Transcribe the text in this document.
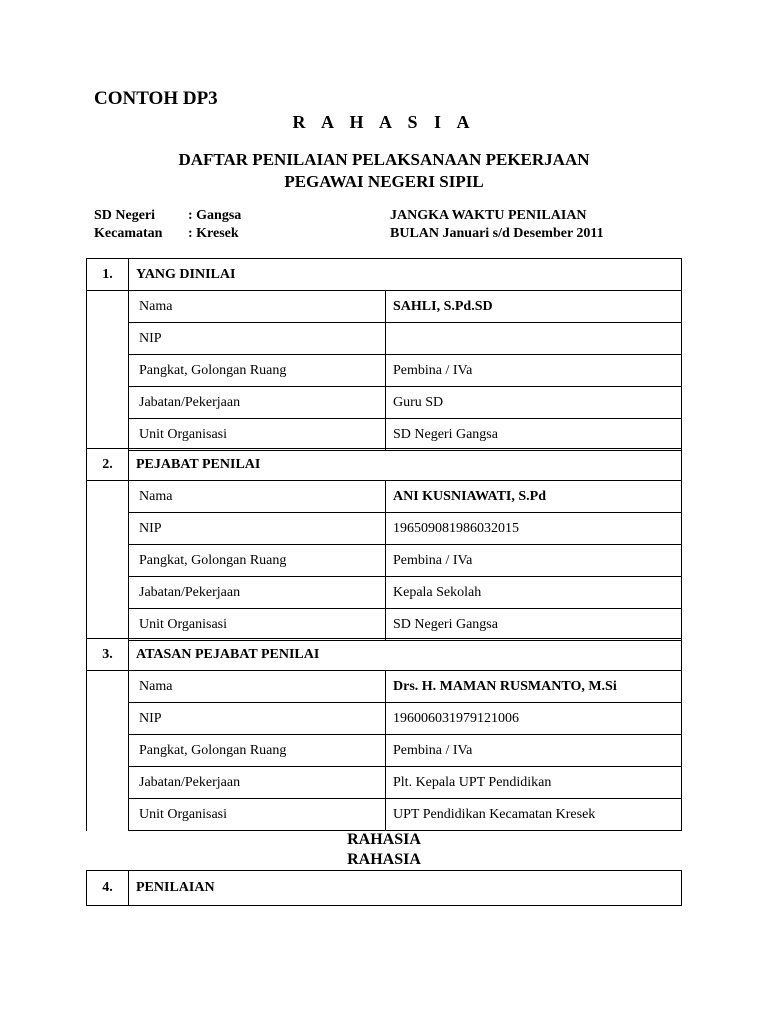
CONTOH DP3
R A H A S I A
DAFTAR PENILAIAN PELAKSANAAN PEKERJAAN
PEGAWAI NEGERI SIPIL
SD Negeri : Gangsa
Kecamatan : Kresek
JANGKA WAKTU PENILAIAN
BULAN Januari s/d Desember 2011
1.	YANG DINILAI	
	Nama	SAHLI, S.Pd.SD
	NIP	
	Pangkat, Golongan Ruang	Pembina / IVa
	Jabatan/Pekerjaan	Guru SD
	Unit Organisasi	SD Negeri Gangsa
2.	PEJABAT PENILAI	
	Nama	ANI KUSNIAWATI, S.Pd
	NIP	196509081986032015
	Pangkat, Golongan Ruang	Pembina / IVa
	Jabatan/Pekerjaan	Kepala Sekolah
	Unit Organisasi	SD Negeri Gangsa
3.	ATASAN PEJABAT PENILAI	
	Nama	Drs. H. MAMAN RUSMANTO, M.Si
	NIP	196006031979121006
	Pangkat, Golongan Ruang	Pembina / IVa
	Jabatan/Pekerjaan	Plt. Kepala UPT Pendidikan
	Unit Organisasi	UPT Pendidikan Kecamatan Kresek
RAHASIA
RAHASIA
4.	PENILAIAN
